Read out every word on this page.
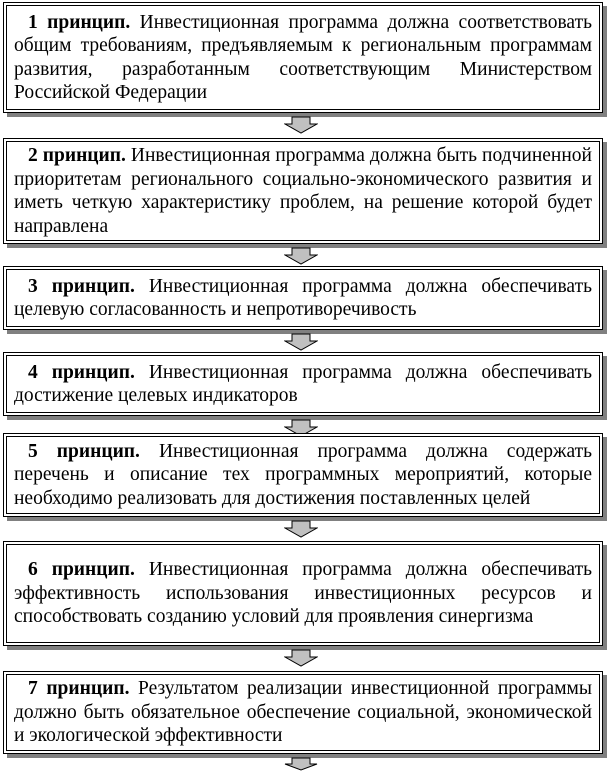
1 принцип. Инвестиционная программа должна соответствовать общим требованиям, предъявляемым к региональным программам развития, разработанным соответствующим Министерством Российской Федерации
2 принцип. Инвестиционная программа должна быть подчиненной приоритетам регионального социально-экономического развития и иметь четкую характеристику проблем, на решение которой будет направлена
3 принцип. Инвестиционная программа должна обеспечивать целевую согласованность и непротиворечивость
4 принцип. Инвестиционная программа должна обеспечивать достижение целевых индикаторов
5 принцип. Инвестиционная программа должна содержать перечень и описание тех программных мероприятий, которые необходимо реализовать для достижения поставленных целей
6 принцип. Инвестиционная программа должна обеспечивать эффективность использования инвестиционных ресурсов и способствовать созданию условий для проявления синергизма
7 принцип. Результатом реализации инвестиционной программы должно быть обязательное обеспечение социальной, экономической и экологической эффективности
